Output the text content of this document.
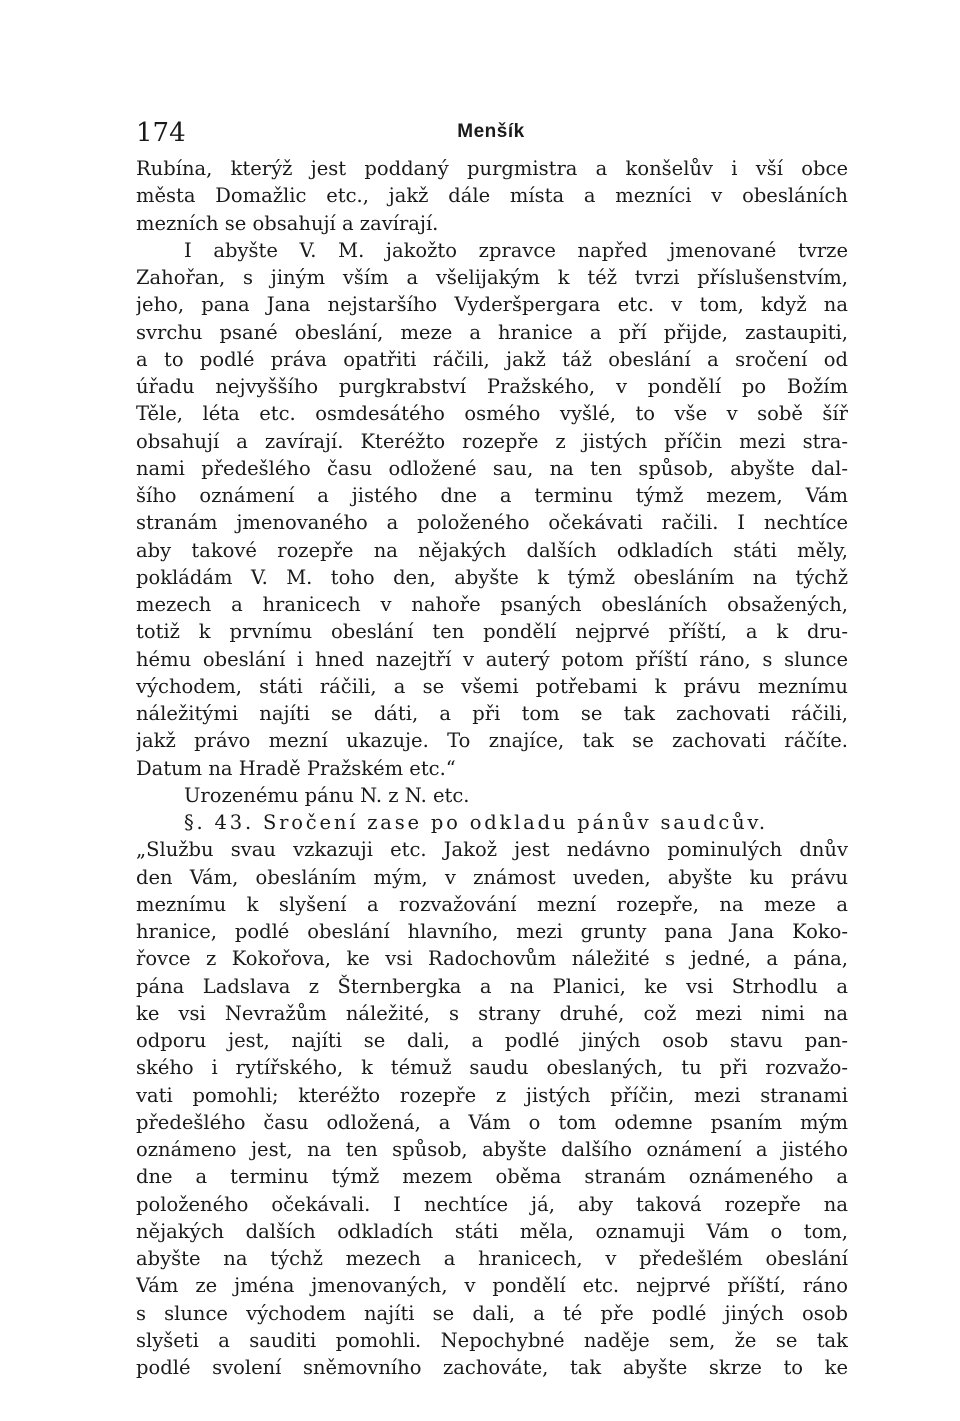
174	Menšík
Rubína, kterýž jest poddaný purgmistra a konšelův i vší obce
města Domažlic etc., jakž dále místa a mezníci v obesláních
mezních se obsahují a zavírají.
I abyšte V. M. jakožto zpravce napřed jmenované tvrze
Zahořan, s jiným vším a všelijakým k též tvrzi příslušenstvím,
jeho, pana Jana nejstaršího Vyderšpergara etc. v tom, když na
svrchu psané obeslání, meze a hranice a pří přijde, zastaupiti,
a to podlé práva opatřiti ráčili, jakž táž obeslání a sročení od
úřadu nejvyššího purgkrabství Pražského, v pondělí po Božím
Těle, léta etc. osmdesátého osmého vyšlé, to vše v sobě šíř
obsahují a zavírají. Kteréžto rozepře z jistých příčin mezi stra-
nami předešlého času odložené sau, na ten spůsob, abyšte dal-
šího oznámení a jistého dne a terminu týmž mezem, Vám
stranám jmenovaného a položeného očekávati račili. I nechtíce
aby takové rozepře na nějakých dalších odkladích státi měly,
pokládám V. M. toho den, abyšte k týmž obesláním na týchž
mezech a hranicech v nahoře psaných obesláních obsažených,
totiž k prvnímu obeslání ten pondělí nejprvé příští, a k dru-
hému obeslání i hned nazejtří v auterý potom příští ráno, s slunce
východem, státi ráčili, a se všemi potřebami k právu meznímu
náležitými najíti se dáti, a při tom se tak zachovati ráčili,
jakž právo mezní ukazuje. To znajíce, tak se zachovati ráčíte.
Datum na Hradě Pražském etc.“
Urozenému pánu N. z N. etc.
§. 43. Sročení zase po odkladu pánův saudcův.
„Službu svau vzkazuji etc. Jakož jest nedávno pominulých dnův
den Vám, obesláním mým, v známost uveden, abyšte ku právu
meznímu k slyšení a rozvažování mezní rozepře, na meze a
hranice, podlé obeslání hlavního, mezi grunty pana Jana Koko-
řovce z Kokořova, ke vsi Radochovům náležité s jedné, a pána,
pána Ladslava z Šternbergka a na Planici, ke vsi Strhodlu a
ke vsi Nevražům náležité, s strany druhé, což mezi nimi na
odporu jest, najíti se dali, a podlé jiných osob stavu pan-
ského i rytířského, k témuž saudu obeslaných, tu při rozvažo-
vati pomohli; kteréžto rozepře z jistých příčin, mezi stranami
předešlého času odložená, a Vám o tom odemne psaním mým
oznámeno jest, na ten spůsob, abyšte dalšího oznámení a jistého
dne a terminu týmž mezem oběma stranám oznámeného a
položeného očekávali. I nechtíce já, aby taková rozepře na
nějakých dalších odkladích státi měla, oznamuji Vám o tom,
abyšte na týchž mezech a hranicech, v předešlém obeslání
Vám ze jména jmenovaných, v pondělí etc. nejprvé příští, ráno
s slunce východem najíti se dali, a té pře podlé jiných osob
slyšeti a sauditi pomohli. Nepochybné naděje sem, že se tak
podlé svolení sněmovního zachováte, tak abyšte skrze to ke
